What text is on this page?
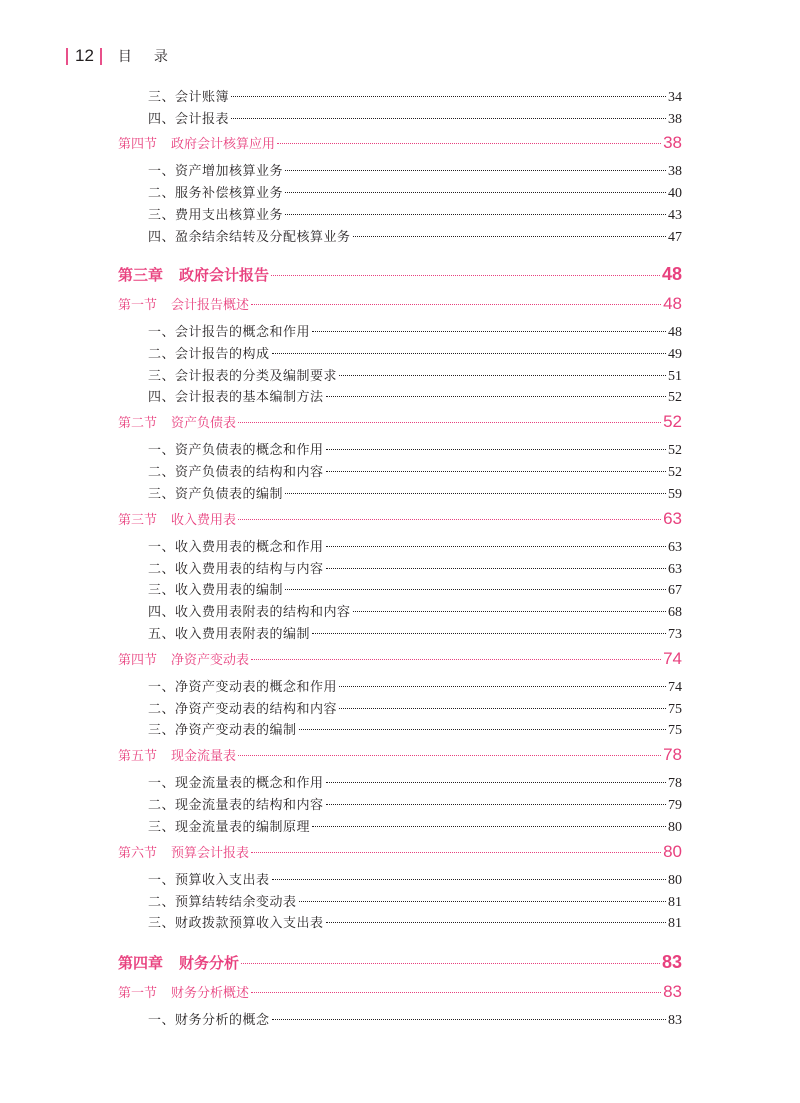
12 目录
三、会计账簿	34
四、会计报表	38
第四节 政府会计核算应用	38
一、资产增加核算业务	38
二、服务补偿核算业务	40
三、费用支出核算业务	43
四、盈余结余结转及分配核算业务	47
第三章 政府会计报告	48
第一节 会计报告概述	48
一、会计报告的概念和作用	48
二、会计报告的构成	49
三、会计报表的分类及编制要求	51
四、会计报表的基本编制方法	52
第二节 资产负债表	52
一、资产负债表的概念和作用	52
二、资产负债表的结构和内容	52
三、资产负债表的编制	59
第三节 收入费用表	63
一、收入费用表的概念和作用	63
二、收入费用表的结构与内容	63
三、收入费用表的编制	67
四、收入费用表附表的结构和内容	68
五、收入费用表附表的编制	73
第四节 净资产变动表	74
一、净资产变动表的概念和作用	74
二、净资产变动表的结构和内容	75
三、净资产变动表的编制	75
第五节 现金流量表	78
一、现金流量表的概念和作用	78
二、现金流量表的结构和内容	79
三、现金流量表的编制原理	80
第六节 预算会计报表	80
一、预算收入支出表	80
二、预算结转结余变动表	81
三、财政拨款预算收入支出表	81
第四章 财务分析	83
第一节 财务分析概述	83
一、财务分析的概念	83
